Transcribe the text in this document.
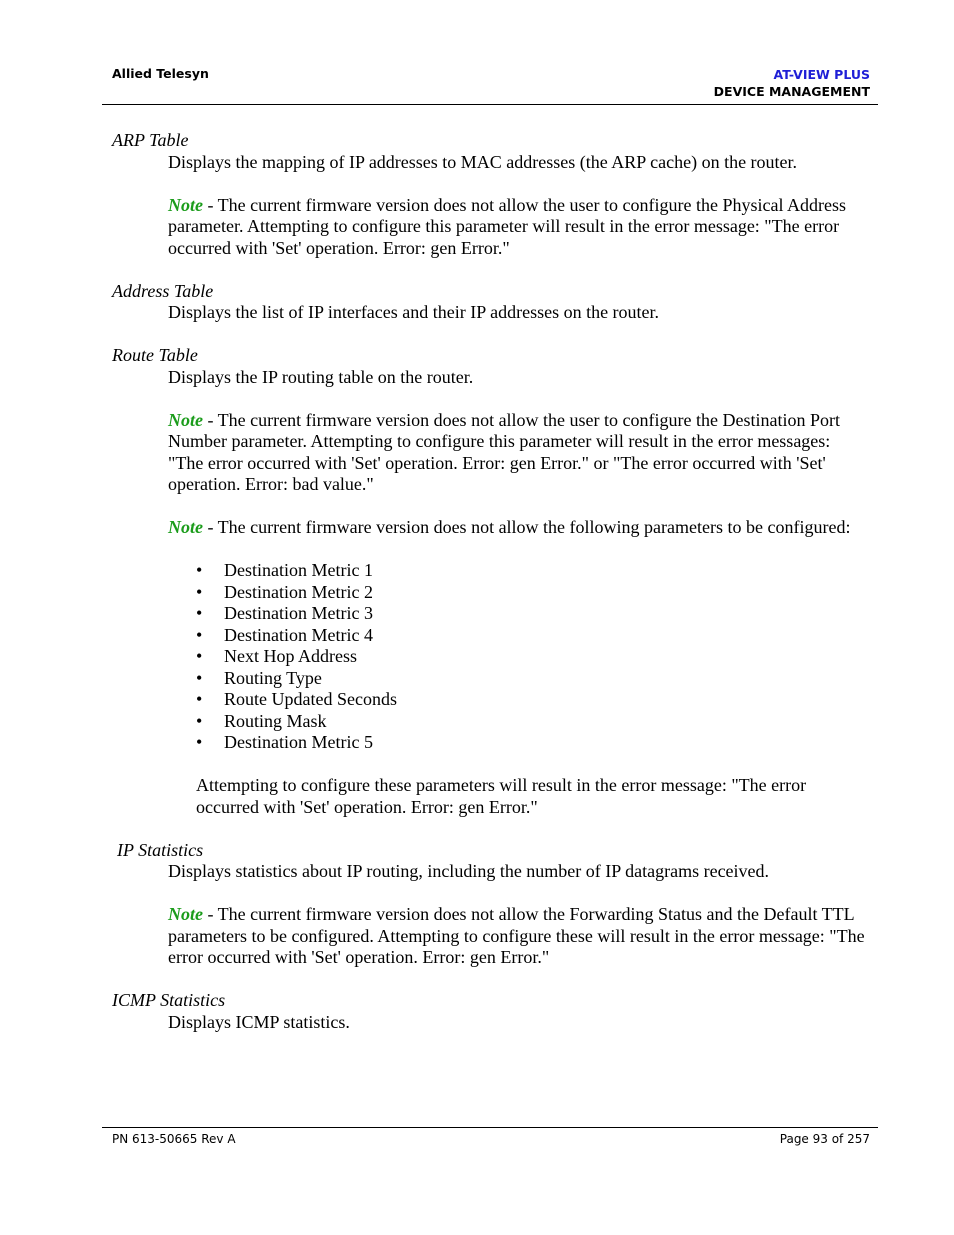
Allied Telesyn	AT-VIEW PLUS
DEVICE MANAGEMENT
ARP Table
Displays the mapping of IP addresses to MAC addresses (the ARP cache) on the router.
Note - The current firmware version does not allow the user to configure the Physical Address parameter. Attempting to configure this parameter will result in the error message: "The error occurred with 'Set' operation. Error: gen Error."
Address Table
Displays the list of IP interfaces and their IP addresses on the router.
Route Table
Displays the IP routing table on the router.
Note - The current firmware version does not allow the user to configure the Destination Port Number parameter. Attempting to configure this parameter will result in the error messages: "The error occurred with 'Set' operation. Error: gen Error." or "The error occurred with 'Set' operation. Error: bad value."
Note - The current firmware version does not allow the following parameters to be configured:
• Destination Metric 1
• Destination Metric 2
• Destination Metric 3
• Destination Metric 4
• Next Hop Address
• Routing Type
• Route Updated Seconds
• Routing Mask
• Destination Metric 5
Attempting to configure these parameters will result in the error message: "The error occurred with 'Set' operation. Error: gen Error."
IP Statistics
Displays statistics about IP routing, including the number of IP datagrams received.
Note - The current firmware version does not allow the Forwarding Status and the Default TTL parameters to be configured. Attempting to configure these will result in the error message: "The error occurred with 'Set' operation. Error: gen Error."
ICMP Statistics
Displays ICMP statistics.
PN 613-50665 Rev A	Page 93 of 257
